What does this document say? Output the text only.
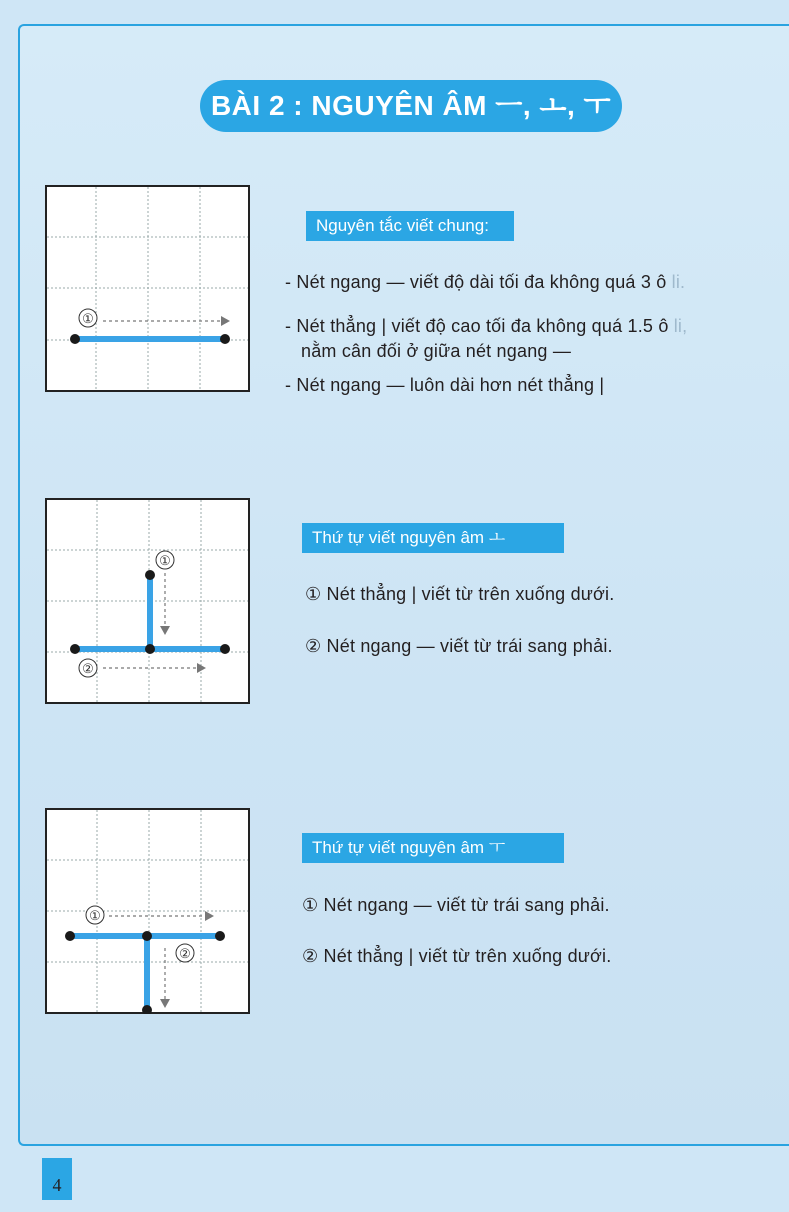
BÀI 2 : NGUYÊN ÂM ㅡ, ㅗ, ㅜ
①
Nguyên tắc viết chung:
- Nét ngang — viết độ dài tối đa không quá 3 ô li.
- Nét thẳng | viết độ cao tối đa không quá 1.5 ô li,
nằm cân đối ở giữa nét ngang —
- Nét ngang — luôn dài hơn nét thẳng |
①
②
Thứ tự viết nguyên âm ㅗ
① Nét thẳng | viết từ trên xuống dưới.
② Nét ngang — viết từ trái sang phải.
①
②
Thứ tự viết nguyên âm ㅜ
① Nét ngang — viết từ trái sang phải.
② Nét thẳng | viết từ trên xuống dưới.
4
